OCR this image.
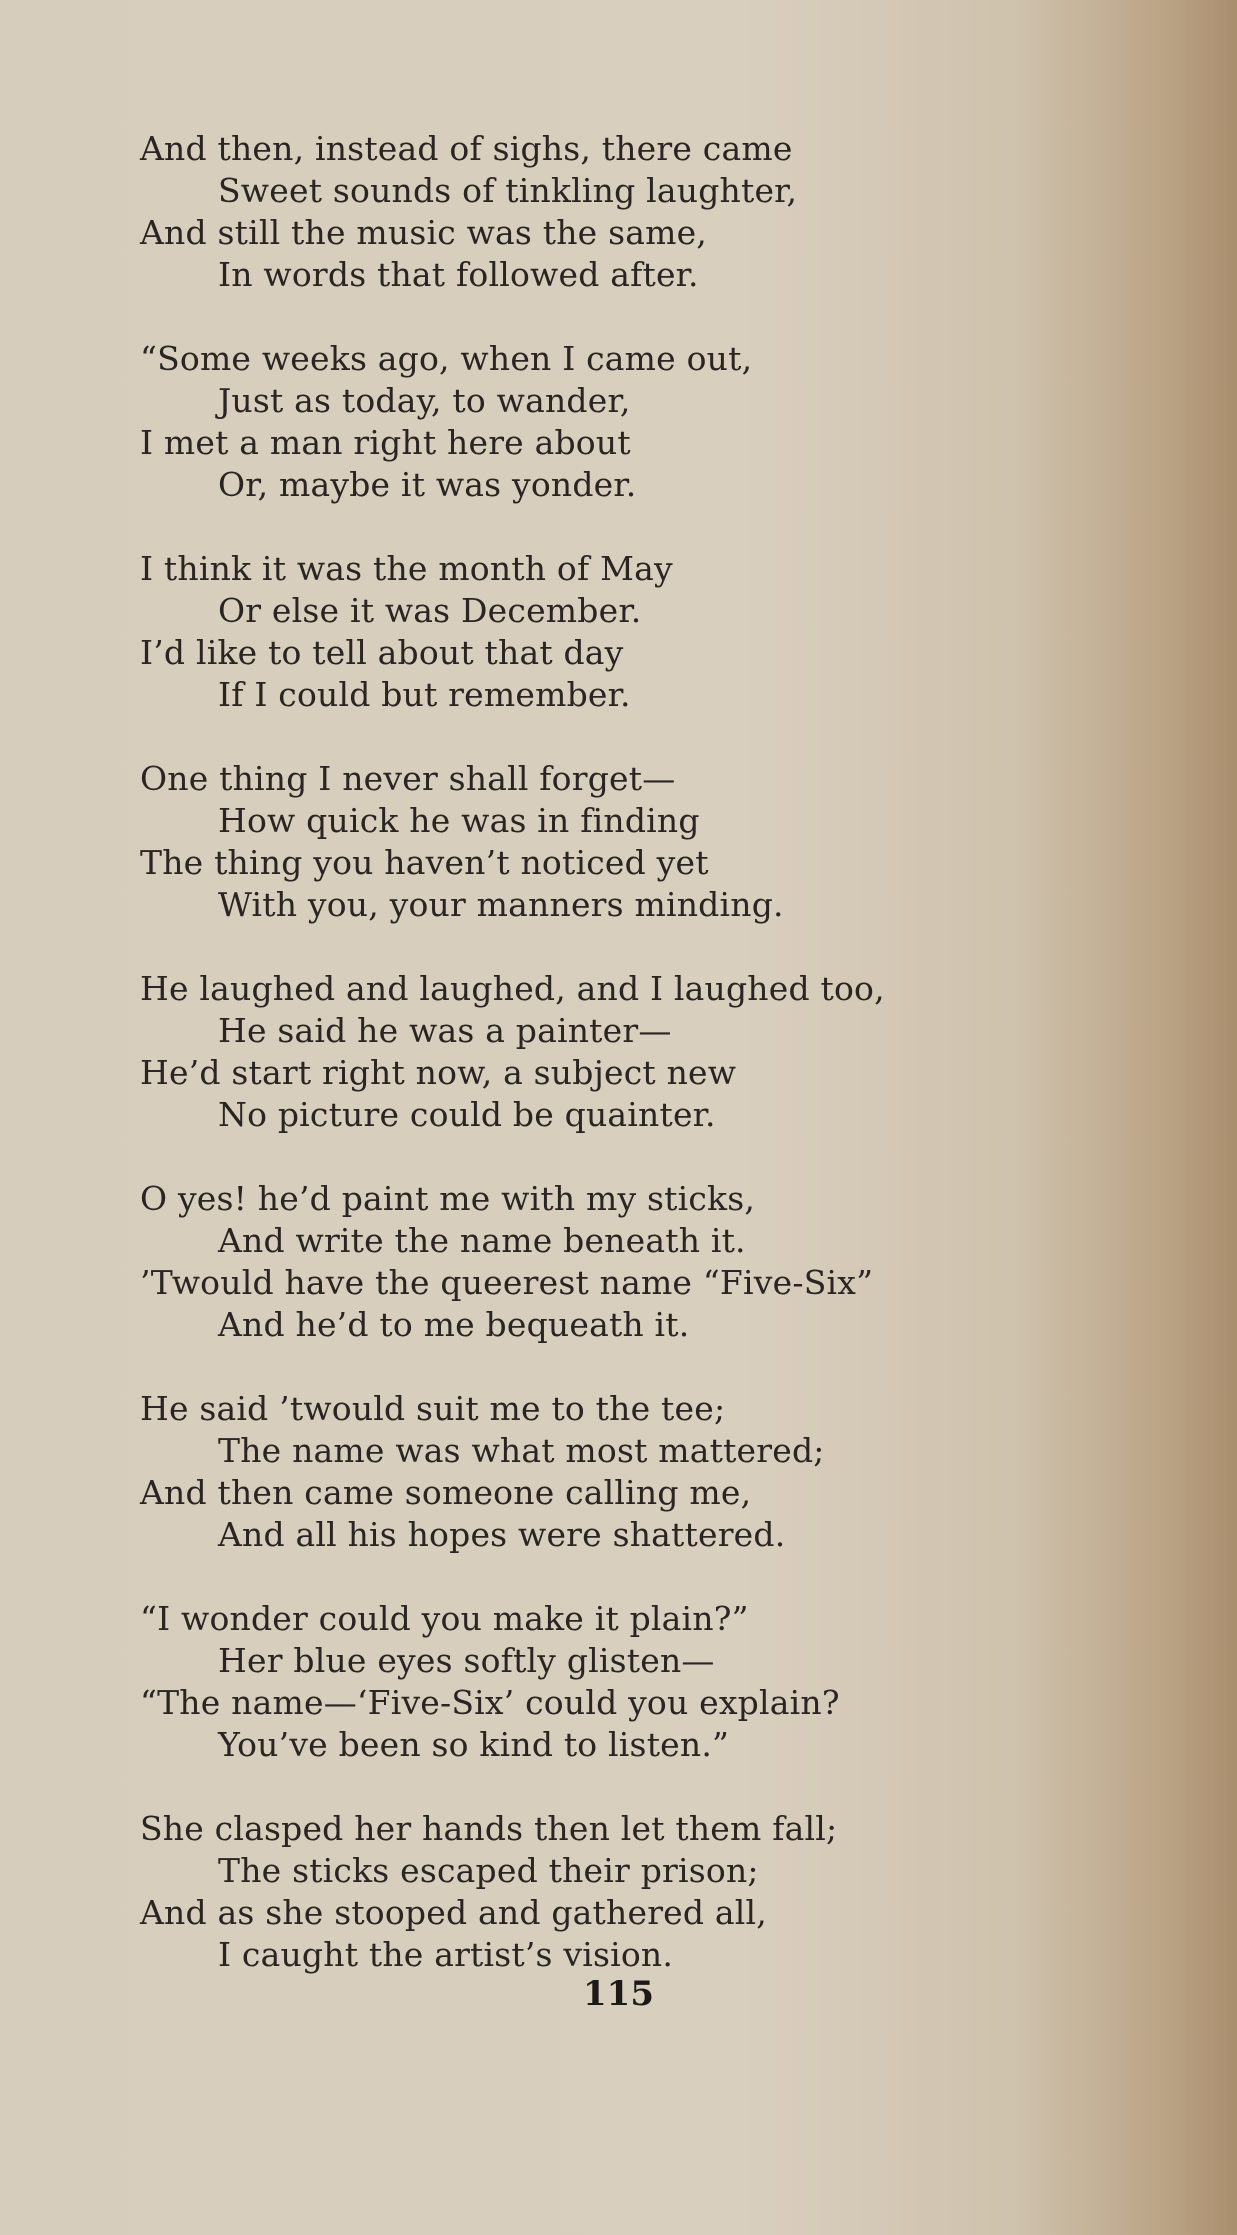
And then, instead of sighs, there came
Sweet sounds of tinkling laughter,
And still the music was the same,
In words that followed after.
“Some weeks ago, when I came out,
Just as today, to wander,
I met a man right here about
Or, maybe it was yonder.
I think it was the month of May
Or else it was December.
I’d like to tell about that day
If I could but remember.
One thing I never shall forget—
How quick he was in finding
The thing you haven’t noticed yet
With you, your manners minding.
He laughed and laughed, and I laughed too,
He said he was a painter—
He’d start right now, a subject new
No picture could be quainter.
O yes! he’d paint me with my sticks,
And write the name beneath it.
’Twould have the queerest name “Five-Six”
And he’d to me bequeath it.
He said ’twould suit me to the tee;
The name was what most mattered;
And then came someone calling me,
And all his hopes were shattered.
“I wonder could you make it plain?”
Her blue eyes softly glisten—
“The name—‘Five-Six’ could you explain?
You’ve been so kind to listen.”
She clasped her hands then let them fall;
The sticks escaped their prison;
And as she stooped and gathered all,
I caught the artist’s vision.
115
